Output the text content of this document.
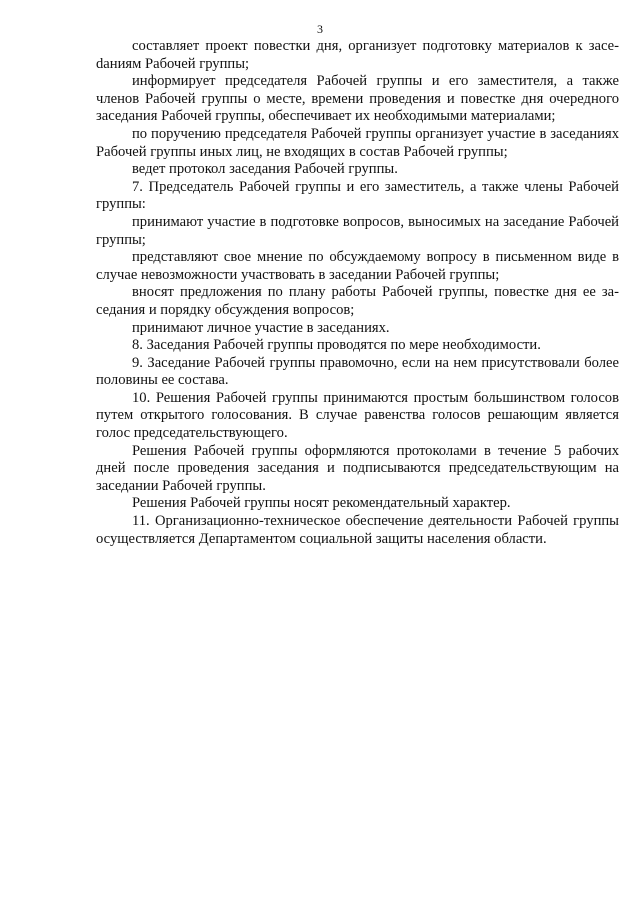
3

составляет проект повестки дня, организует подготовку материалов к засеdаниям Рабочей группы;

информирует председателя Рабочей группы и его заместителя, а также членов Рабочей группы о месте, времени проведения и повестке дня очередного заседания Рабочей группы, обеспечивает их необходимыми материалами;

по поручению председателя Рабочей группы организует участие в заседаниях Рабочей группы иных лиц, не входящих в состав Рабочей группы;

ведет протокол заседания Рабочей группы.

7. Председатель Рабочей группы и его заместитель, а также члены Рабочей группы:

принимают участие в подготовке вопросов, выносимых на заседание Рабочей группы;

представляют свое мнение по обсуждаемому вопросу в письменном виде в случае невозможности участвовать в заседании Рабочей группы;

вносят предложения по плану работы Рабочей группы, повестке дня ее заседания и порядку обсуждения вопросов;

принимают личное участие в заседаниях.

8. Заседания Рабочей группы проводятся по мере необходимости.

9. Заседание Рабочей группы правомочно, если на нем присутствовали более половины ее состава.

10. Решения Рабочей группы принимаются простым большинством голосов путем открытого голосования. В случае равенства голосов решающим является голос председательствующего.

Решения Рабочей группы оформляются протоколами в течение 5 рабочих дней после проведения заседания и подписываются председательствующим на заседании Рабочей группы.

Решения Рабочей группы носят рекомендательный характер.

11. Организационно-техническое обеспечение деятельности Рабочей группы осуществляется Департаментом социальной защиты населения области.
